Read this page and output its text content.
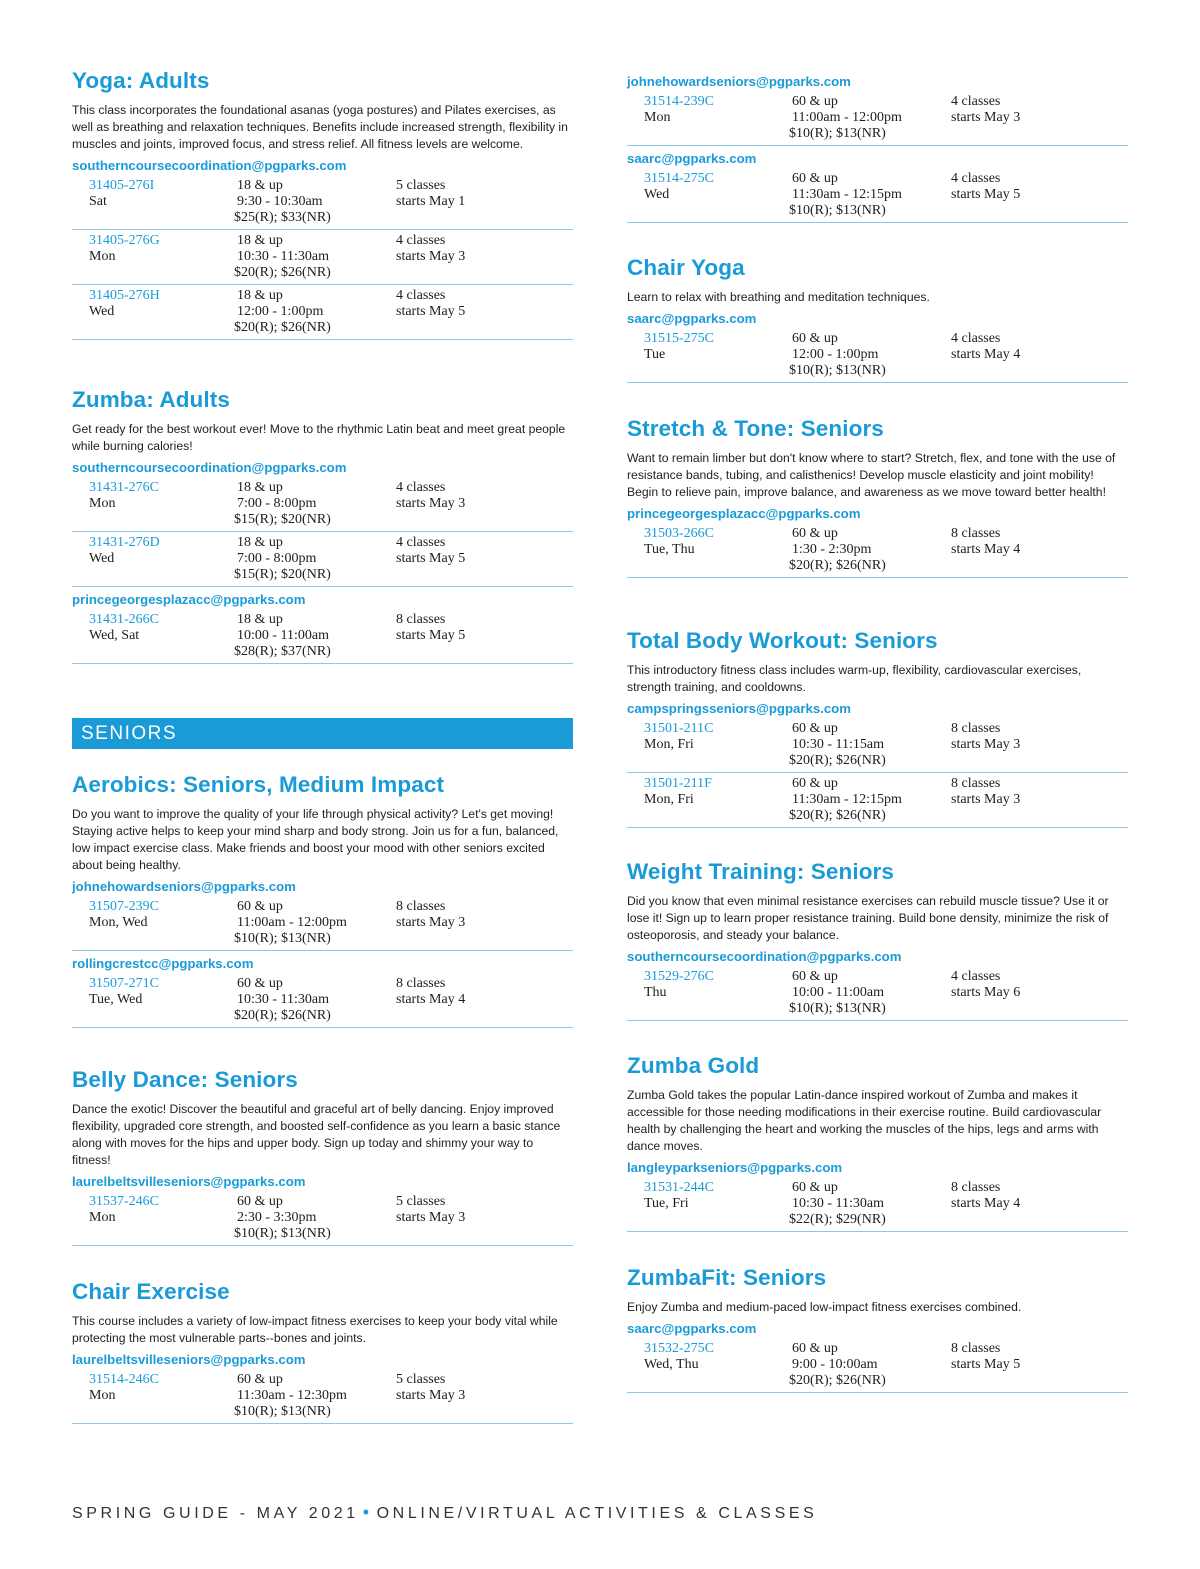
Yoga: Adults
This class incorporates the foundational asanas (yoga postures) and Pilates exercises, as well as breathing and relaxation techniques. Benefits include increased strength, flexibility in muscles and joints, improved focus, and stress relief. All fitness levels are welcome.
southerncoursecoordination@pgparks.com
31405-276I
Sat
18 & up
9:30 - 10:30am
$25(R); $33(NR)
5 classes
starts May 1
31405-276G
Mon
18 & up
10:30 - 11:30am
$20(R); $26(NR)
4 classes
starts May 3
31405-276H
Wed
18 & up
12:00 - 1:00pm
$20(R); $26(NR)
4 classes
starts May 5
Zumba: Adults
Get ready for the best workout ever! Move to the rhythmic Latin beat and meet great people while burning calories!
southerncoursecoordination@pgparks.com
31431-276C
Mon
18 & up
7:00 - 8:00pm
$15(R); $20(NR)
4 classes
starts May 3
31431-276D
Wed
18 & up
7:00 - 8:00pm
$15(R); $20(NR)
4 classes
starts May 5
princegeorgesplazacc@pgparks.com
31431-266C
Wed, Sat
18 & up
10:00 - 11:00am
$28(R); $37(NR)
8 classes
starts May 5
SENIORS
Aerobics: Seniors, Medium Impact
Do you want to improve the quality of your life through physical activity? Let's get moving! Staying active helps to keep your mind sharp and body strong. Join us for a fun, balanced, low impact exercise class. Make friends and boost your mood with other seniors excited about being healthy.
johnehowardseniors@pgparks.com
31507-239C
Mon, Wed
60 & up
11:00am - 12:00pm
$10(R); $13(NR)
8 classes
starts May 3
rollingcrestcc@pgparks.com
31507-271C
Tue, Wed
60 & up
10:30 - 11:30am
$20(R); $26(NR)
8 classes
starts May 4
Belly Dance: Seniors
Dance the exotic! Discover the beautiful and graceful art of belly dancing. Enjoy improved flexibility, upgraded core strength, and boosted self-confidence as you learn a basic stance along with moves for the hips and upper body. Sign up today and shimmy your way to fitness!
laurelbeltsvilleseniors@pgparks.com
31537-246C
Mon
60 & up
2:30 - 3:30pm
$10(R); $13(NR)
5 classes
starts May 3
Chair Exercise
This course includes a variety of low-impact fitness exercises to keep your body vital while protecting the most vulnerable parts--bones and joints.
laurelbeltsvilleseniors@pgparks.com
31514-246C
Mon
60 & up
11:30am - 12:30pm
$10(R); $13(NR)
5 classes
starts May 3
johnehowardseniors@pgparks.com
31514-239C
Mon
60 & up
11:00am - 12:00pm
$10(R); $13(NR)
4 classes
starts May 3
saarc@pgparks.com
31514-275C
Wed
60 & up
11:30am - 12:15pm
$10(R); $13(NR)
4 classes
starts May 5
Chair Yoga
Learn to relax with breathing and meditation techniques.
saarc@pgparks.com
31515-275C
Tue
60 & up
12:00 - 1:00pm
$10(R); $13(NR)
4 classes
starts May 4
Stretch & Tone: Seniors
Want to remain limber but don't know where to start? Stretch, flex, and tone with the use of resistance bands, tubing, and calisthenics! Develop muscle elasticity and joint mobility! Begin to relieve pain, improve balance, and awareness as we move toward better health!
princegeorgesplazacc@pgparks.com
31503-266C
Tue, Thu
60 & up
1:30 - 2:30pm
$20(R); $26(NR)
8 classes
starts May 4
Total Body Workout: Seniors
This introductory fitness class includes warm-up, flexibility, cardiovascular exercises, strength training, and cooldowns.
campspringsseniors@pgparks.com
31501-211C
Mon, Fri
60 & up
10:30 - 11:15am
$20(R); $26(NR)
8 classes
starts May 3
31501-211F
Mon, Fri
60 & up
11:30am - 12:15pm
$20(R); $26(NR)
8 classes
starts May 3
Weight Training: Seniors
Did you know that even minimal resistance exercises can rebuild muscle tissue? Use it or lose it! Sign up to learn proper resistance training. Build bone density, minimize the risk of osteoporosis, and steady your balance.
southerncoursecoordination@pgparks.com
31529-276C
Thu
60 & up
10:00 - 11:00am
$10(R); $13(NR)
4 classes
starts May 6
Zumba Gold
Zumba Gold takes the popular Latin-dance inspired workout of Zumba and makes it accessible for those needing modifications in their exercise routine. Build cardiovascular health by challenging the heart and working the muscles of the hips, legs and arms with dance moves.
langleyparkseniors@pgparks.com
31531-244C
Tue, Fri
60 & up
10:30 - 11:30am
$22(R); $29(NR)
8 classes
starts May 4
ZumbaFit: Seniors
Enjoy Zumba and medium-paced low-impact fitness exercises combined.
saarc@pgparks.com
31532-275C
Wed, Thu
60 & up
9:00 - 10:00am
$20(R); $26(NR)
8 classes
starts May 5
SPRING GUIDE - MAY 2021 • ONLINE/VIRTUAL ACTIVITIES & CLASSES
